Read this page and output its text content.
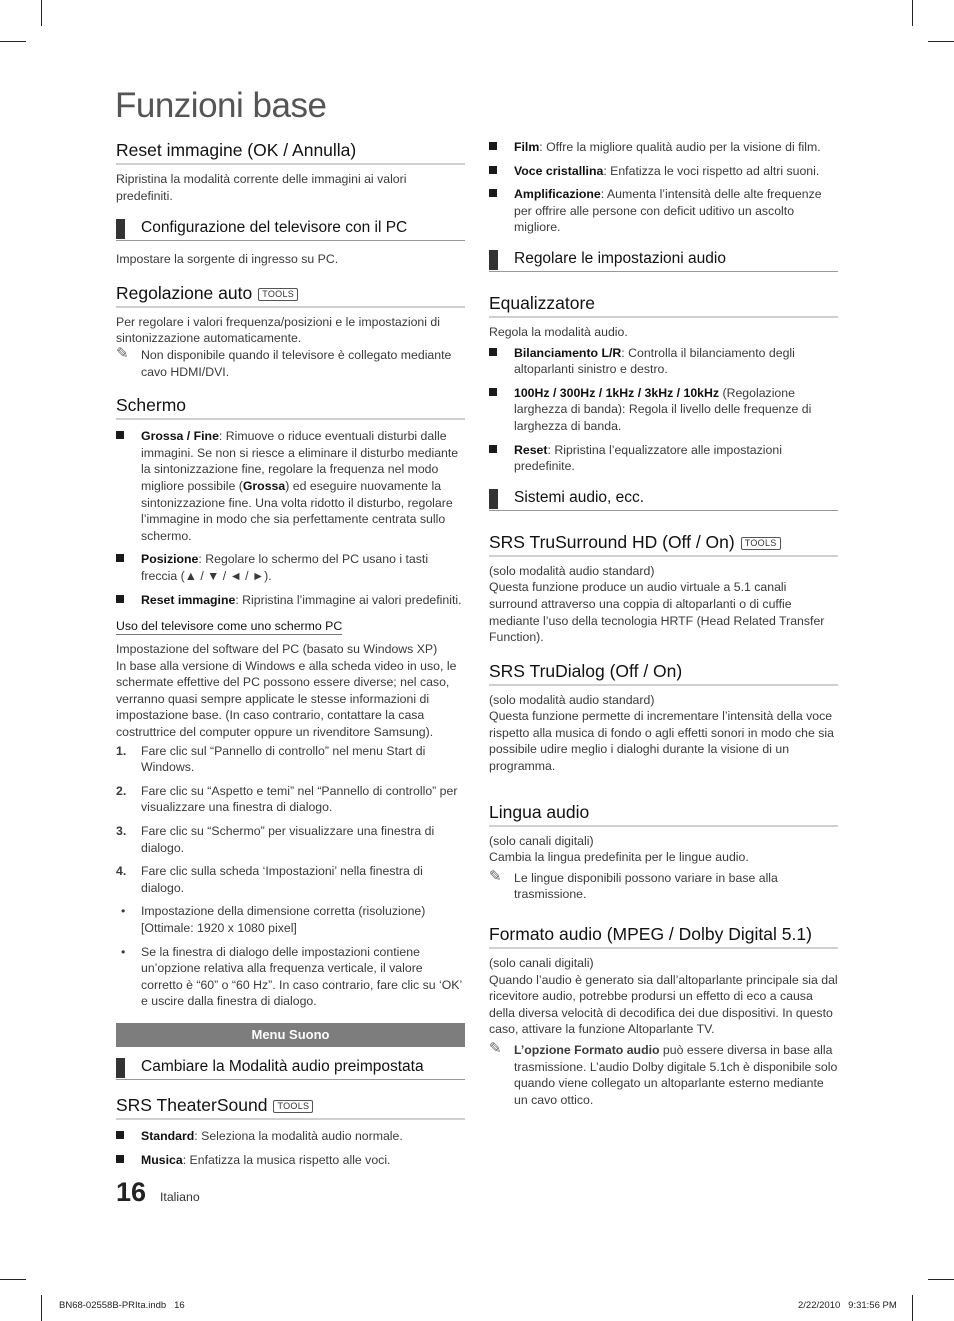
Funzioni base
Reset immagine (OK / Annulla)
Ripristina la modalità corrente delle immagini ai valori predefiniti.
Configurazione del televisore con il PC
Impostare la sorgente di ingresso su PC.
Regolazione auto TOOLS
Per regolare i valori frequenza/posizioni e le impostazioni di sintonizzazione automaticamente.
✎ Non disponibile quando il televisore è collegato mediante cavo HDMI/DVI.
Schermo
Grossa / Fine: Rimuove o riduce eventuali disturbi dalle immagini. Se non si riesce a eliminare il disturbo mediante la sintonizzazione fine, regolare la frequenza nel modo migliore possibile (Grossa) ed eseguire nuovamente la sintonizzazione fine. Una volta ridotto il disturbo, regolare l’immagine in modo che sia perfettamente centrata sullo schermo.
Posizione: Regolare lo schermo del PC usano i tasti freccia (▲ / ▼ / ◄ / ►).
Reset immagine: Ripristina l’immagine ai valori predefiniti.
Uso del televisore come uno schermo PC
Impostazione del software del PC (basato su Windows XP)
In base alla versione di Windows e alla scheda video in uso, le schermate effettive del PC possono essere diverse; nel caso, verranno quasi sempre applicate le stesse informazioni di impostazione base. (In caso contrario, contattare la casa costruttrice del computer oppure un rivenditore Samsung).
1. Fare clic sul “Pannello di controllo” nel menu Start di Windows.
2. Fare clic su “Aspetto e temi” nel “Pannello di controllo” per visualizzare una finestra di dialogo.
3. Fare clic su “Schermo” per visualizzare una finestra di dialogo.
4. Fare clic sulla scheda ‘Impostazioni’ nella finestra di dialogo.
• Impostazione della dimensione corretta (risoluzione) [Ottimale: 1920 x 1080 pixel]
• Se la finestra di dialogo delle impostazioni contiene un’opzione relativa alla frequenza verticale, il valore corretto è “60” o “60 Hz”. In caso contrario, fare clic su ‘OK’ e uscire dalla finestra di dialogo.
Menu Suono
Cambiare la Modalità audio preimpostata
SRS TheaterSound TOOLS
Standard: Seleziona la modalità audio normale.
Musica: Enfatizza la musica rispetto alle voci.
Film: Offre la migliore qualità audio per la visione di film.
Voce cristallina: Enfatizza le voci rispetto ad altri suoni.
Amplificazione: Aumenta l’intensità delle alte frequenze per offrire alle persone con deficit uditivo un ascolto migliore.
Regolare le impostazioni audio
Equalizzatore
Regola la modalità audio.
Bilanciamento L/R: Controlla il bilanciamento degli altoparlanti sinistro e destro.
100Hz / 300Hz / 1kHz / 3kHz / 10kHz (Regolazione larghezza di banda): Regola il livello delle frequenze di larghezza di banda.
Reset: Ripristina l’equalizzatore alle impostazioni predefinite.
Sistemi audio, ecc.
SRS TruSurround HD (Off / On) TOOLS
(solo modalità audio standard)
Questa funzione produce un audio virtuale a 5.1 canali surround attraverso una coppia di altoparlanti o di cuffie mediante l’uso della tecnologia HRTF (Head Related Transfer Function).
SRS TruDialog (Off / On)
(solo modalità audio standard)
Questa funzione permette di incrementare l’intensità della voce rispetto alla musica di fondo o agli effetti sonori in modo che sia possibile udire meglio i dialoghi durante la visione di un programma.
Lingua audio
(solo canali digitali)
Cambia la lingua predefinita per le lingue audio.
✎ Le lingue disponibili possono variare in base alla trasmissione.
Formato audio (MPEG / Dolby Digital 5.1)
(solo canali digitali)
Quando l’audio è generato sia dall’altoparlante principale sia dal ricevitore audio, potrebbe prodursi un effetto di eco a causa della diversa velocità di decodifica dei due dispositivi. In questo caso, attivare la funzione Altoparlante TV.
✎ L’opzione Formato audio può essere diversa in base alla trasmissione. L’audio Dolby digitale 5.1ch è disponibile solo quando viene collegato un altoparlante esterno mediante un cavo ottico.
16 Italiano
BN68-02558B-PRIta.indb   16	2/22/2010   9:31:56 PM
